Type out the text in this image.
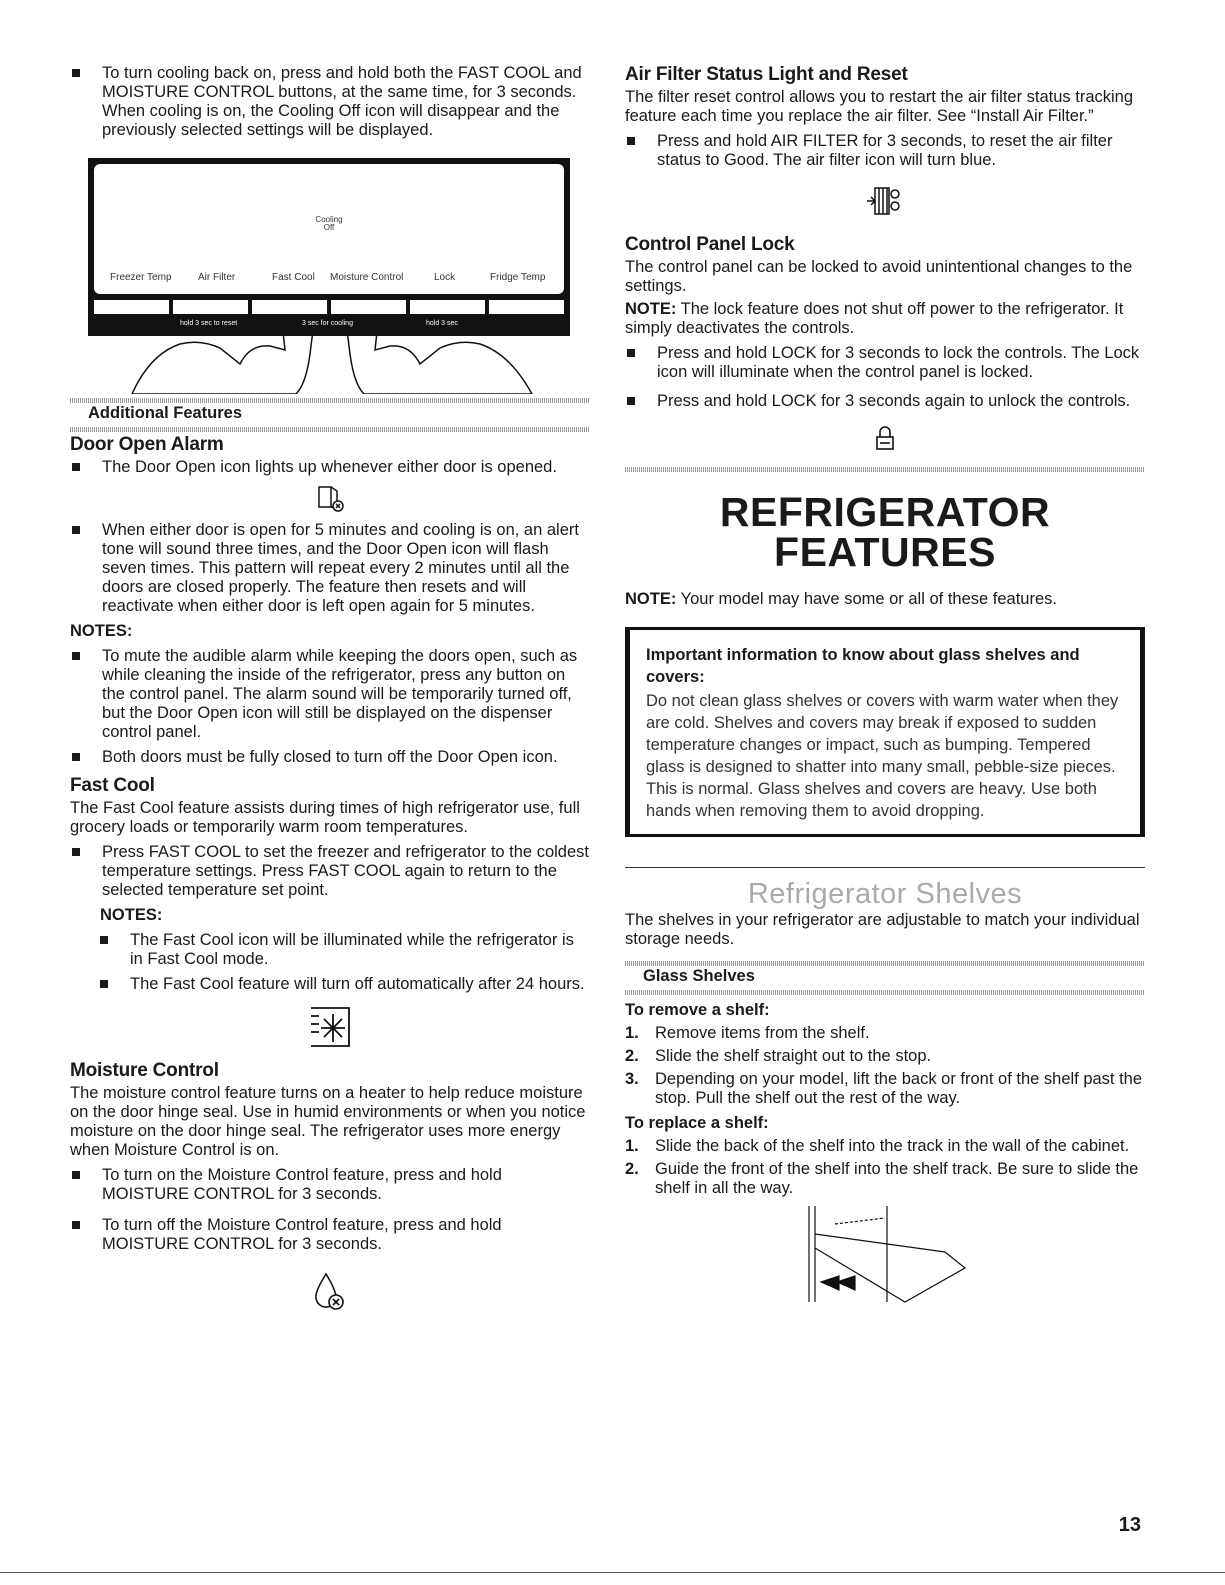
To turn cooling back on, press and hold both the FAST COOL and MOISTURE CONTROL buttons, at the same time, for 3 seconds. When cooling is on, the Cooling Off icon will disappear and the previously selected settings will be displayed.
Cooling
Off
Freezer Temp	Air Filter	Fast Cool Moisture Control	Lock	Fridge Temp
hold 3 sec to reset	3 sec for cooling	hold 3 sec
Additional Features
Door Open Alarm
The Door Open icon lights up whenever either door is opened.
When either door is open for 5 minutes and cooling is on, an alert tone will sound three times, and the Door Open icon will flash seven times. This pattern will repeat every 2 minutes until all the doors are closed properly. The feature then resets and will reactivate when either door is left open again for 5 minutes.
NOTES:
To mute the audible alarm while keeping the doors open, such as while cleaning the inside of the refrigerator, press any button on the control panel. The alarm sound will be temporarily turned off, but the Door Open icon will still be displayed on the dispenser control panel.
Both doors must be fully closed to turn off the Door Open icon.
Fast Cool

The Fast Cool feature assists during times of high refrigerator use, full grocery loads or temporarily warm room temperatures.

Press FAST COOL to set the freezer and refrigerator to the coldest temperature settings. Press FAST COOL again to return to the selected temperature set point.
NOTES:
The Fast Cool icon will be illuminated while the refrigerator is in Fast Cool mode.
The Fast Cool feature will turn off automatically after 24 hours.
Moisture Control

The moisture control feature turns on a heater to help reduce moisture on the door hinge seal. Use in humid environments or when you notice moisture on the door hinge seal. The refrigerator uses more energy when Moisture Control is on.

To turn on the Moisture Control feature, press and hold MOISTURE CONTROL for 3 seconds.
To turn off the Moisture Control feature, press and hold MOISTURE CONTROL for 3 seconds.
Air Filter Status Light and Reset

The filter reset control allows you to restart the air filter status tracking feature each time you replace the air filter. See “Install Air Filter.”

Press and hold AIR FILTER for 3 seconds, to reset the air filter status to Good. The air filter icon will turn blue.
Control Panel Lock

The control panel can be locked to avoid unintentional changes to the settings.

NOTE: The lock feature does not shut off power to the refrigerator. It simply deactivates the controls.

Press and hold LOCK for 3 seconds to lock the controls. The Lock icon will illuminate when the control panel is locked.
Press and hold LOCK for 3 seconds again to unlock the controls.
REFRIGERATOR
FEATURES

NOTE: Your model may have some or all of these features.

Important information to know about glass shelves and covers:

Do not clean glass shelves or covers with warm water when they are cold. Shelves and covers may break if exposed to sudden temperature changes or impact, such as bumping. Tempered glass is designed to shatter into many small, pebble-size pieces. This is normal. Glass shelves and covers are heavy. Use both hands when removing them to avoid dropping.

Refrigerator Shelves

The shelves in your refrigerator are adjustable to match your individual storage needs.

Glass Shelves
To remove a shelf:
1. Remove items from the shelf.
2. Slide the shelf straight out to the stop.
3. Depending on your model, lift the back or front of the shelf past the stop. Pull the shelf out the rest of the way.
To replace a shelf:
1. Slide the back of the shelf into the track in the wall of the cabinet.
2. Guide the front of the shelf into the shelf track. Be sure to slide the shelf in all the way.
13
